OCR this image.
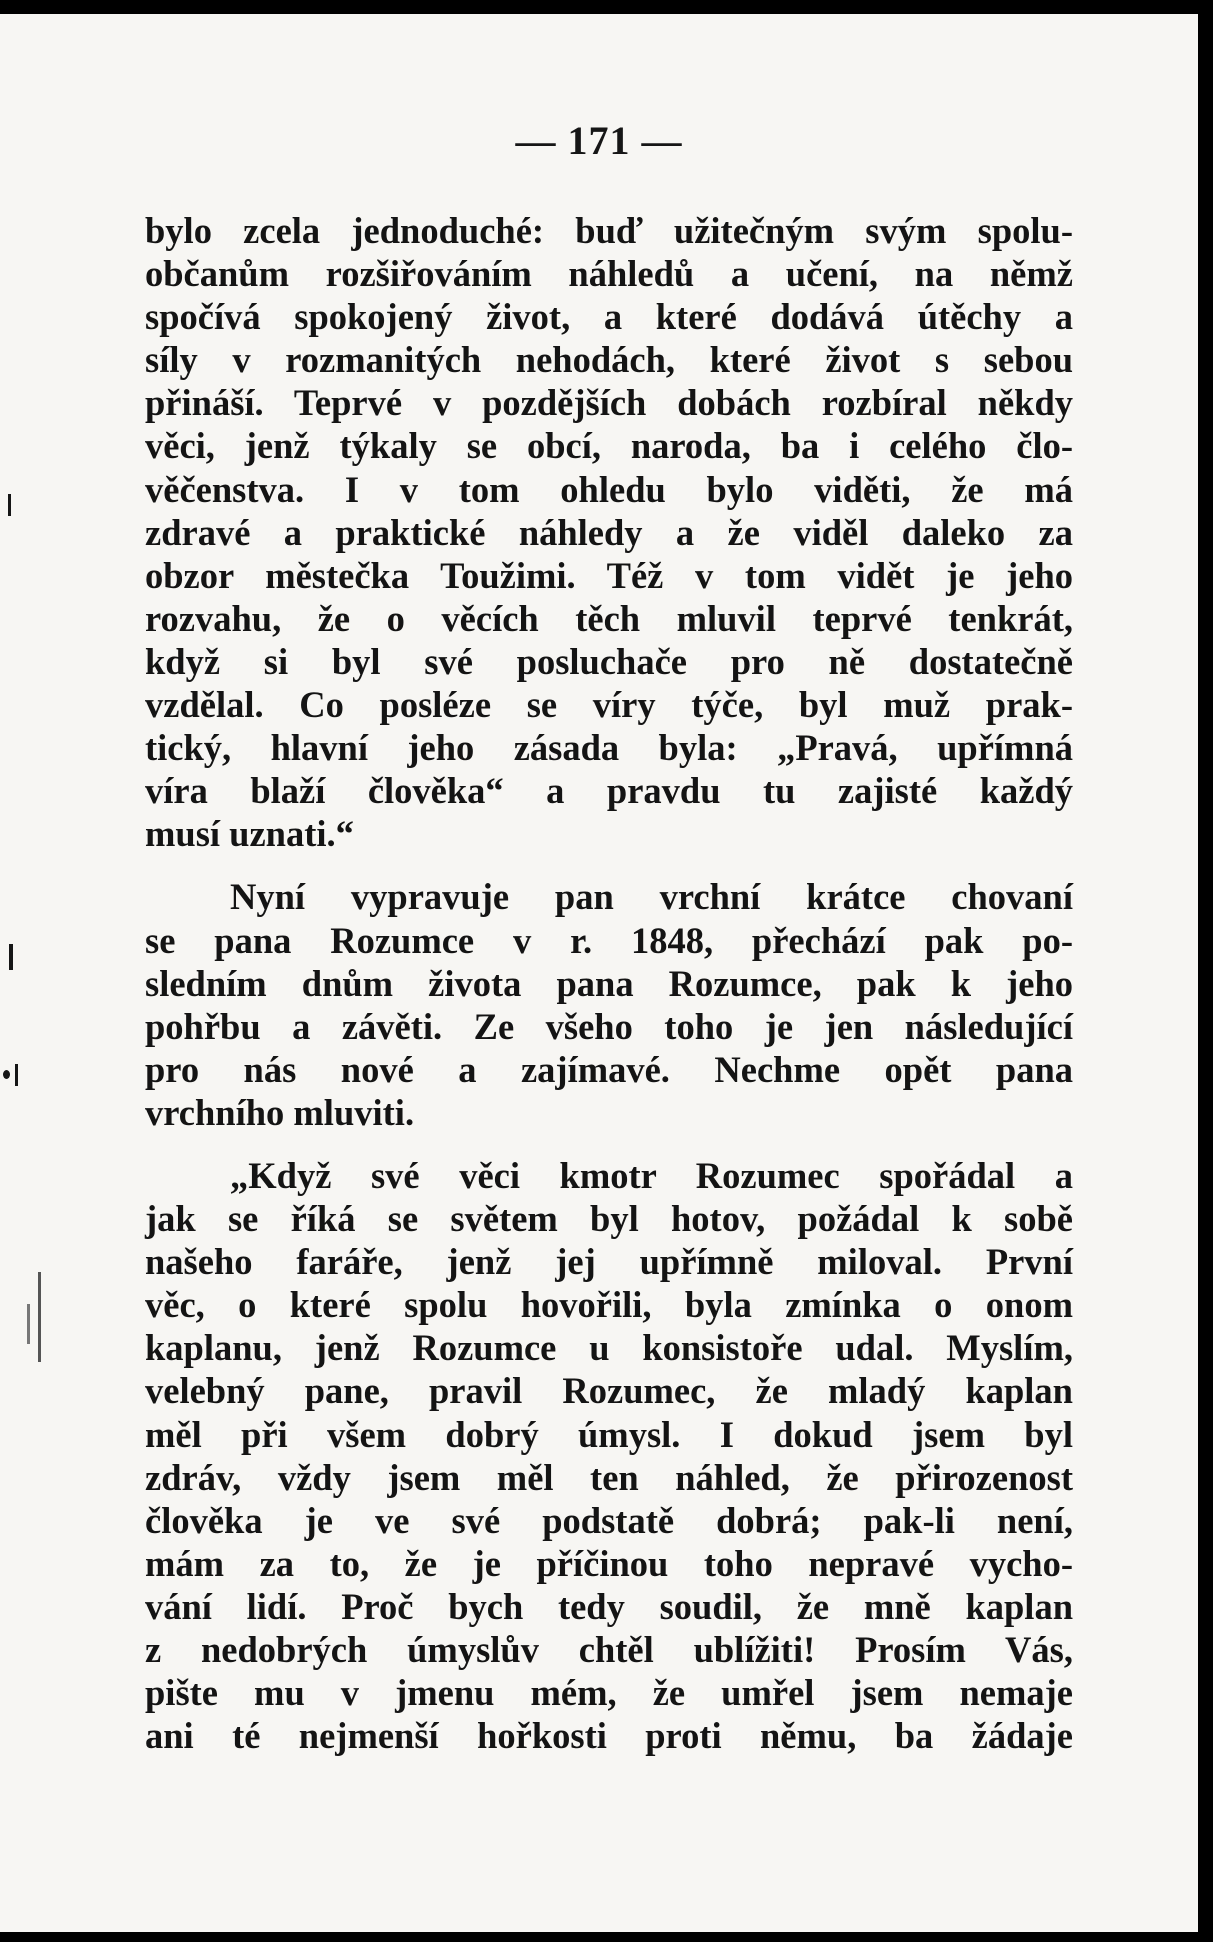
— 171 —

bylo zcela jednoduché: buď užitečným svým spolu-
občanům rozšiřováním náhledů a učení, na němž
spočívá spokojený život, a které dodává útěchy a
síly v rozmanitých nehodách, které život s sebou
přináší. Teprvé v pozdějších dobách rozbíral někdy
věci, jenž týkaly se obcí, naroda, ba i celého člo-
věčenstva. I v tom ohledu bylo viděti, že má
zdravé a praktické náhledy a že viděl daleko za
obzor městečka Toužimi. Též v tom vidět je jeho
rozvahu, že o věcích těch mluvil teprvé tenkrát,
když si byl své posluchače pro ně dostatečně
vzdělal. Co posléze se víry týče, byl muž prak-
tický, hlavní jeho zásada byla: „Pravá, upřímná
víra blaží člověka“ a pravdu tu zajisté každý
musí uznati.“

Nyní vypravuje pan vrchní krátce chovaní
se pana Rozumce v r. 1848, přechází pak po-
sledním dnům života pana Rozumce, pak k jeho
pohřbu a závěti. Ze všeho toho je jen následující
pro nás nové a zajímavé. Nechme opět pana
vrchního mluviti.

„Když své věci kmotr Rozumec spořádal a
jak se říká se světem byl hotov, požádal k sobě
našeho faráře, jenž jej upřímně miloval. První
věc, o které spolu hovořili, byla zmínka o onom
kaplanu, jenž Rozumce u konsistoře udal. Myslím,
velebný pane, pravil Rozumec, že mladý kaplan
měl při všem dobrý úmysl. I dokud jsem byl
zdráv, vždy jsem měl ten náhled, že přirozenost
člověka je ve své podstatě dobrá; pak-li není,
mám za to, že je příčinou toho nepravé vycho-
vání lidí. Proč bych tedy soudil, že mně kaplan
z nedobrých úmyslův chtěl ublížiti! Prosím Vás,
pište mu v jmenu mém, že umřel jsem nemaje
ani té nejmenší hořkosti proti němu, ba žádaje
